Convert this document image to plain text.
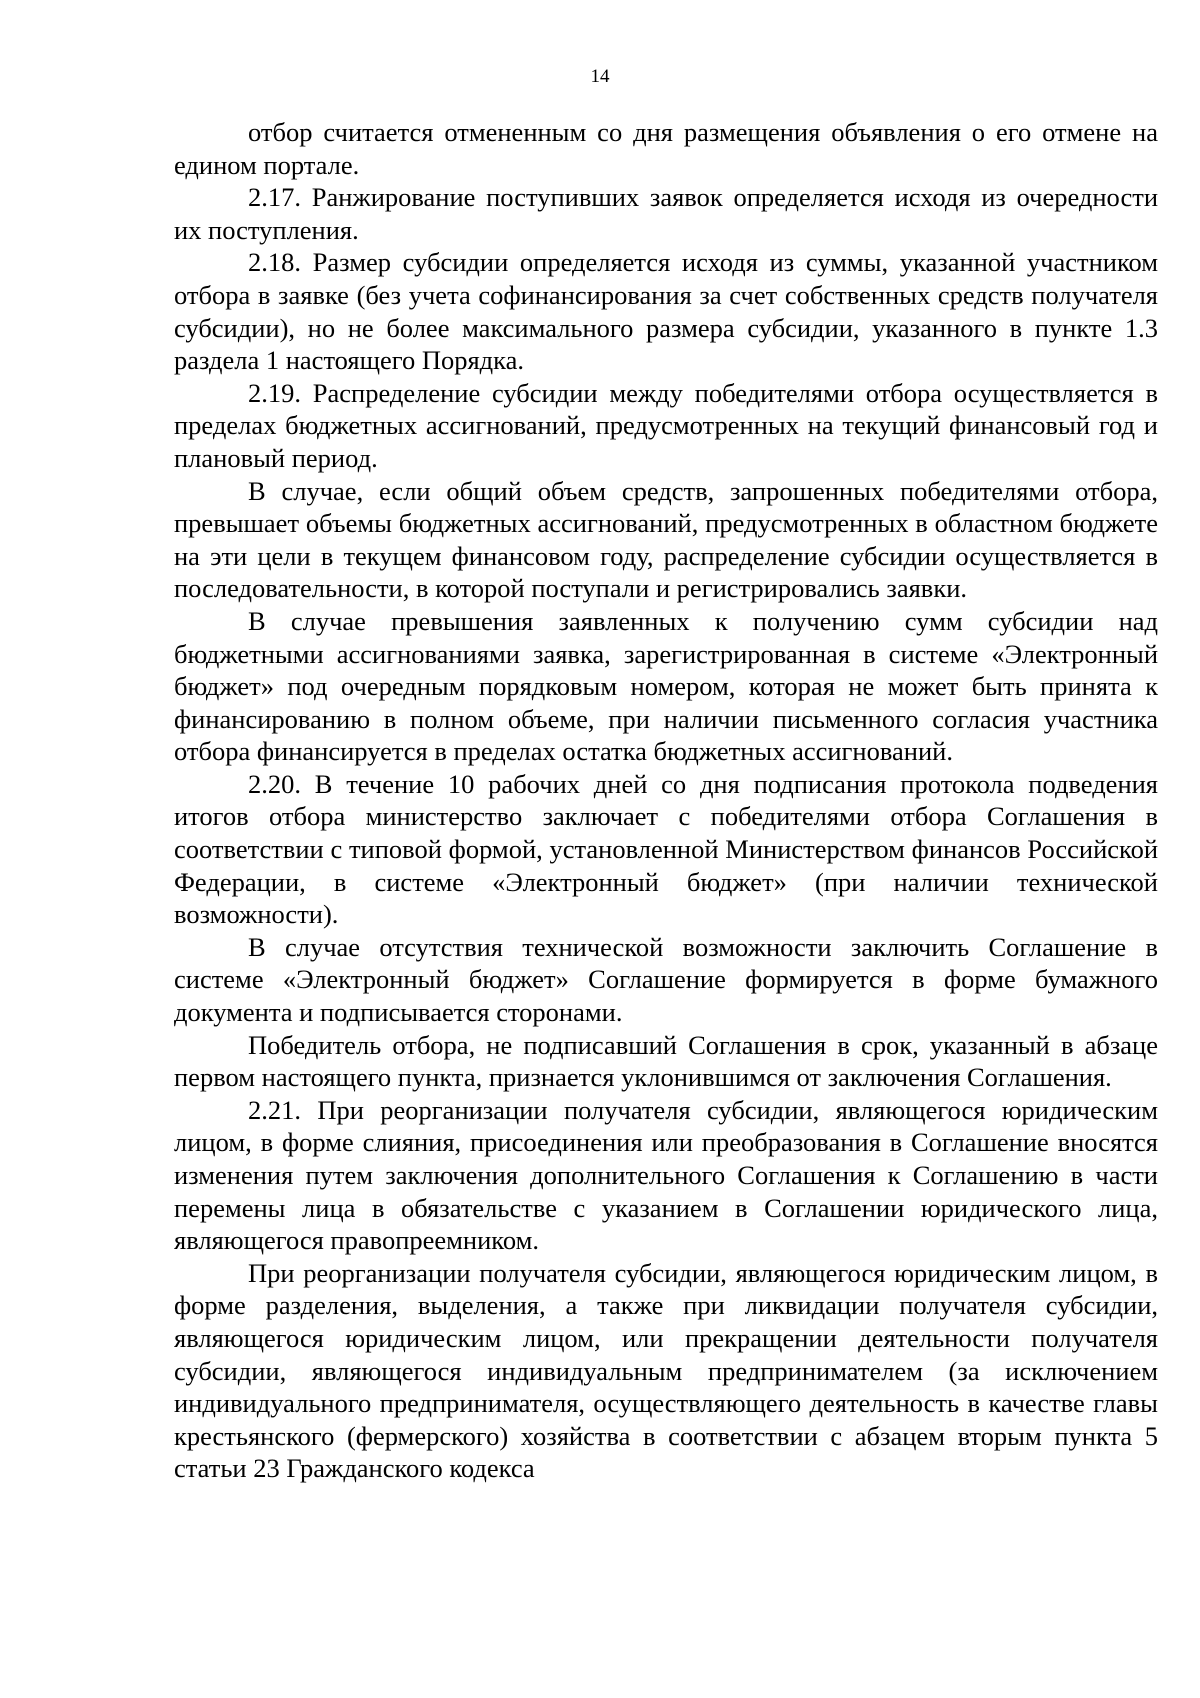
14

отбор считается отмененным со дня размещения объявления о его отмене на едином портале.

2.17. Ранжирование поступивших заявок определяется исходя из очередности их поступления.

2.18. Размер субсидии определяется исходя из суммы, указанной участником отбора в заявке (без учета софинансирования за счет собственных средств получателя субсидии), но не более максимального размера субсидии, указанного в пункте 1.3 раздела 1 настоящего Порядка.

2.19. Распределение субсидии между победителями отбора осуществляется в пределах бюджетных ассигнований, предусмотренных на текущий финансовый год и плановый период.

В случае, если общий объем средств, запрошенных победителями отбора, превышает объемы бюджетных ассигнований, предусмотренных в областном бюджете на эти цели в текущем финансовом году, распределение субсидии осуществляется в последовательности, в которой поступали и регистрировались заявки.

В случае превышения заявленных к получению сумм субсидии над бюджетными ассигнованиями заявка, зарегистрированная в системе «Электронный бюджет» под очередным порядковым номером, которая не может быть принята к финансированию в полном объеме, при наличии письменного согласия участника отбора финансируется в пределах остатка бюджетных ассигнований.

2.20. В течение 10 рабочих дней со дня подписания протокола подведения итогов отбора министерство заключает с победителями отбора Соглашения в соответствии с типовой формой, установленной Министерством финансов Российской Федерации, в системе «Электронный бюджет» (при наличии технической возможности).

В случае отсутствия технической возможности заключить Соглашение в системе «Электронный бюджет» Соглашение формируется в форме бумажного документа и подписывается сторонами.

Победитель отбора, не подписавший Соглашения в срок, указанный в абзаце первом настоящего пункта, признается уклонившимся от заключения Соглашения.

2.21. При реорганизации получателя субсидии, являющегося юридическим лицом, в форме слияния, присоединения или преобразования в Соглашение вносятся изменения путем заключения дополнительного Соглашения к Соглашению в части перемены лица в обязательстве с указанием в Соглашении юридического лица, являющегося правопреемником.

При реорганизации получателя субсидии, являющегося юридическим лицом, в форме разделения, выделения, а также при ликвидации получателя субсидии, являющегося юридическим лицом, или прекращении деятельности получателя субсидии, являющегося индивидуальным предпринимателем (за исключением индивидуального предпринимателя, осуществляющего деятельность в качестве главы крестьянского (фермерского) хозяйства в соответствии с абзацем вторым пункта 5 статьи 23 Гражданского кодекса
